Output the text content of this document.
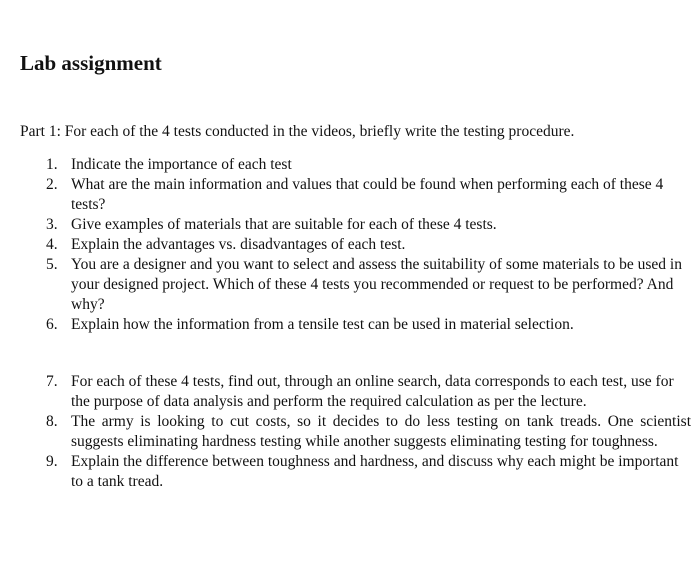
Lab assignment

Part 1: For each of the 4 tests conducted in the videos, briefly write the testing procedure.

1. Indicate the importance of each test
2. What are the main information and values that could be found when performing each of these 4 tests?
3. Give examples of materials that are suitable for each of these 4 tests.
4. Explain the advantages vs. disadvantages of each test.
5. You are a designer and you want to select and assess the suitability of some materials to be used in your designed project. Which of these 4 tests you recommended or request to be performed? And why?
6. Explain how the information from a tensile test can be used in material selection.
7. For each of these 4 tests, find out, through an online search, data corresponds to each test, use for the purpose of data analysis and perform the required calculation as per the lecture.
8. The army is looking to cut costs, so it decides to do less testing on tank treads. One scientist suggests eliminating hardness testing while another suggests eliminating testing for toughness.
9. Explain the difference between toughness and hardness, and discuss why each might be important to a tank tread.
